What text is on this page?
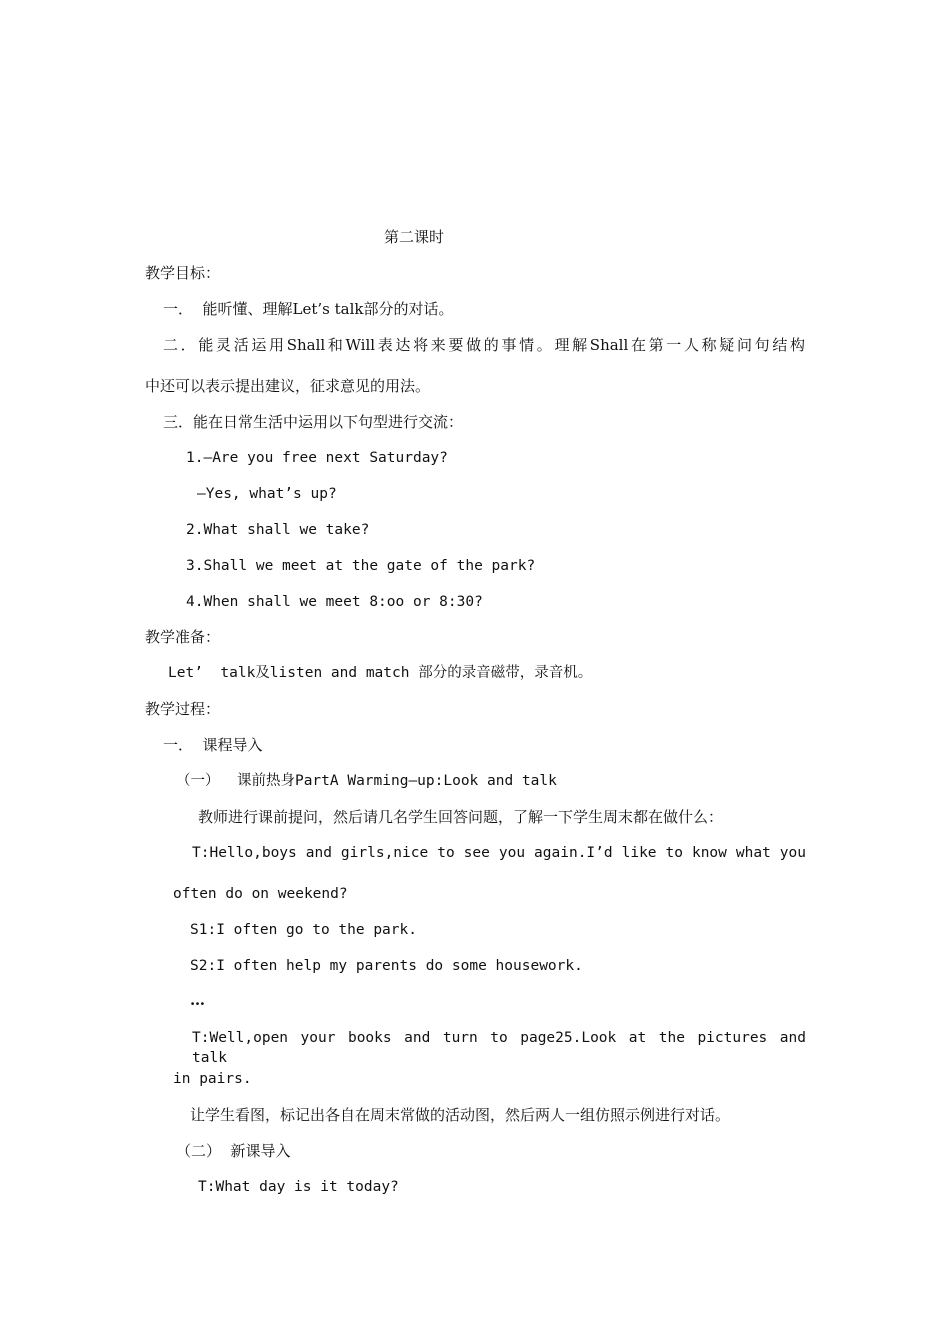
第二课时
教学目标：
一．  能听懂、理解Let’s talk部分的对话。
二．能灵活运用Shall和Will表达将来要做的事情。理解Shall在第一人称疑问句结构
中还可以表示提出建议，征求意见的用法。
三．能在日常生活中运用以下句型进行交流：
1.—Are you free next Saturday?
—Yes, what’s up?
2.What shall we take?
3.Shall we meet at the gate of the park?
4.When shall we meet 8:oo or 8:30?
教学准备：
Let’  talk及listen and match 部分的录音磁带，录音机。
教学过程：
一．  课程导入
（一）  课前热身PartA Warming—up:Look and talk
教师进行课前提问，然后请几名学生回答问题，了解一下学生周末都在做什么：
T:Hello,boys and girls,nice to see you again.I’d like to know what you
often do on weekend?
S1:I often go to the park.
S2:I often help my parents do some housework.
…
T:Well,open your books and turn to page25.Look at the pictures and talk
in pairs.
让学生看图，标记出各自在周末常做的活动图，然后两人一组仿照示例进行对话。
（二）  新课导入
T:What day is it today?
